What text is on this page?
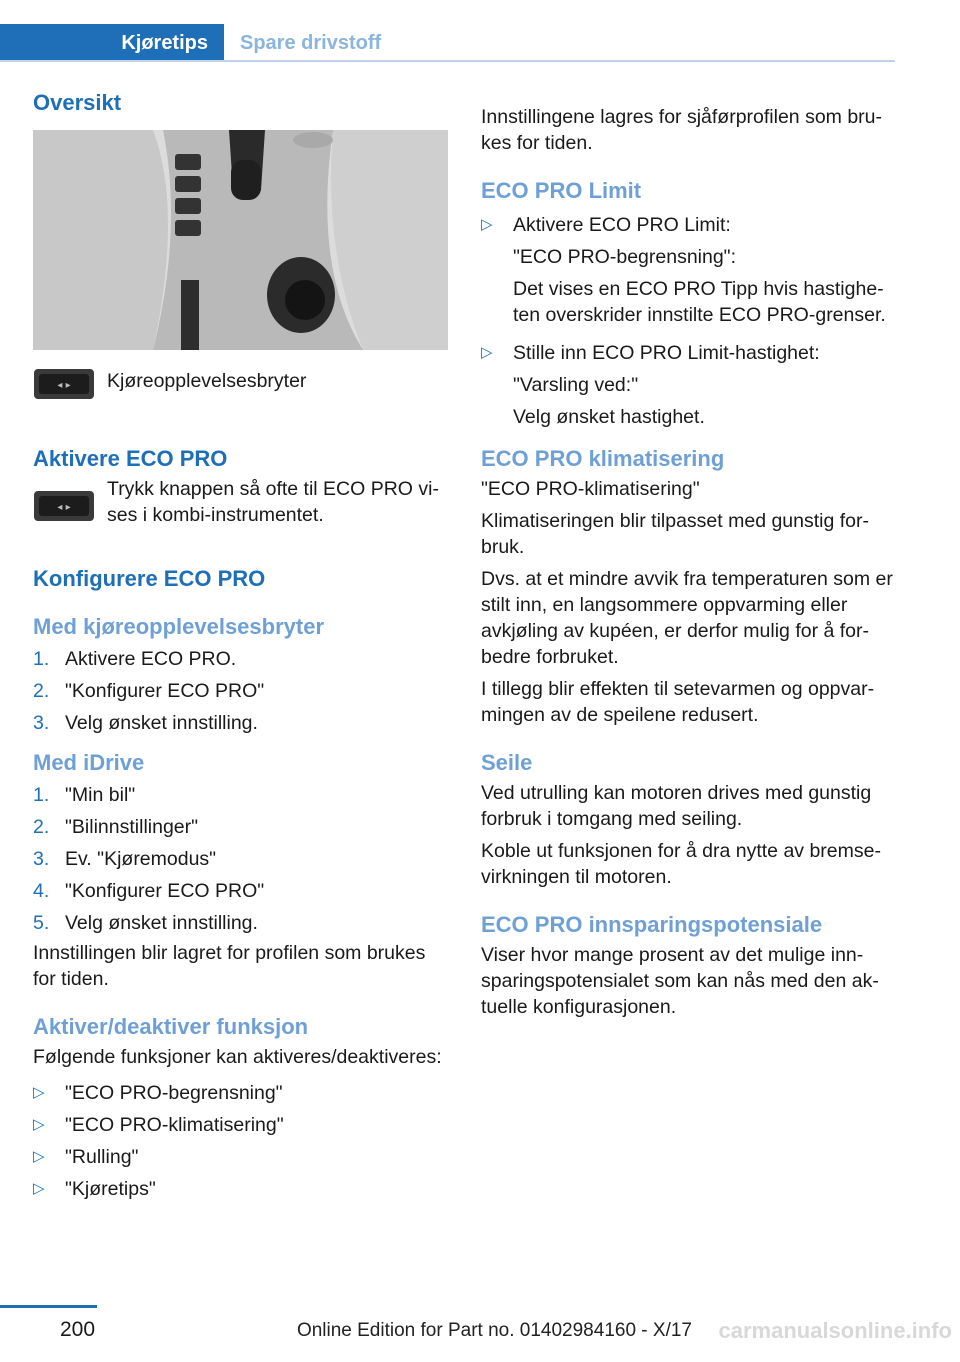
Kjøretips	Spare drivstoff
Oversikt
◂ ▸ Kjøreopplevelsesbryter

Aktivere ECO PRO
◂ ▸

Trykk knappen så ofte til ECO PRO vises i kombi-instrumentet.

Konfigurere ECO PRO
Med kjøreopplevelsesbryter
1. Aktivere ECO PRO.
2. "Konfigurer ECO PRO"
3. Velg ønsket innstilling.
Med iDrive
1. "Min bil"
2. "Bilinnstillinger"
3. Ev. "Kjøremodus"
4. "Konfigurer ECO PRO"
5. Velg ønsket innstilling.

Innstillingen blir lagret for profilen som brukes for tiden.

Aktiver/deaktiver funksjon

Følgende funksjoner kan aktiveres/deaktiveres:

▷	"ECO PRO-begrensning"
▷	"ECO PRO-klimatisering"
▷	"Rulling"
▷	"Kjøretips"

Innstillingene lagres for sjåførprofilen som brukes for tiden.

ECO PRO Limit
▷	Aktivere ECO PRO Limit:
"ECO PRO-begrensning":
Det vises en ECO PRO Tipp hvis hastigheten overskrider innstilte ECO PRO-grenser.
▷	Stille inn ECO PRO Limit-hastighet:
"Varsling ved:"
Velg ønsket hastighet.
ECO PRO klimatisering

"ECO PRO-klimatisering"

Klimatiseringen blir tilpasset med gunstig forbruk.

Dvs. at et mindre avvik fra temperaturen som er stilt inn, en langsommere oppvarming eller avkjøling av kupéen, er derfor mulig for å forbedre forbruket.

I tillegg blir effekten til setevarmen og oppvarmingen av de speilene redusert.

Seile

Ved utrulling kan motoren drives med gunstig forbruk i tomgang med seiling.

Koble ut funksjonen for å dra nytte av bremsevirkningen til motoren.

ECO PRO innsparingspotensiale

Viser hvor mange prosent av det mulige innsparingspotensialet som kan nås med den aktuelle konfigurasjonen.

200	Online Edition for Part no. 01402984160 - X/17 carmanualsonline.info
